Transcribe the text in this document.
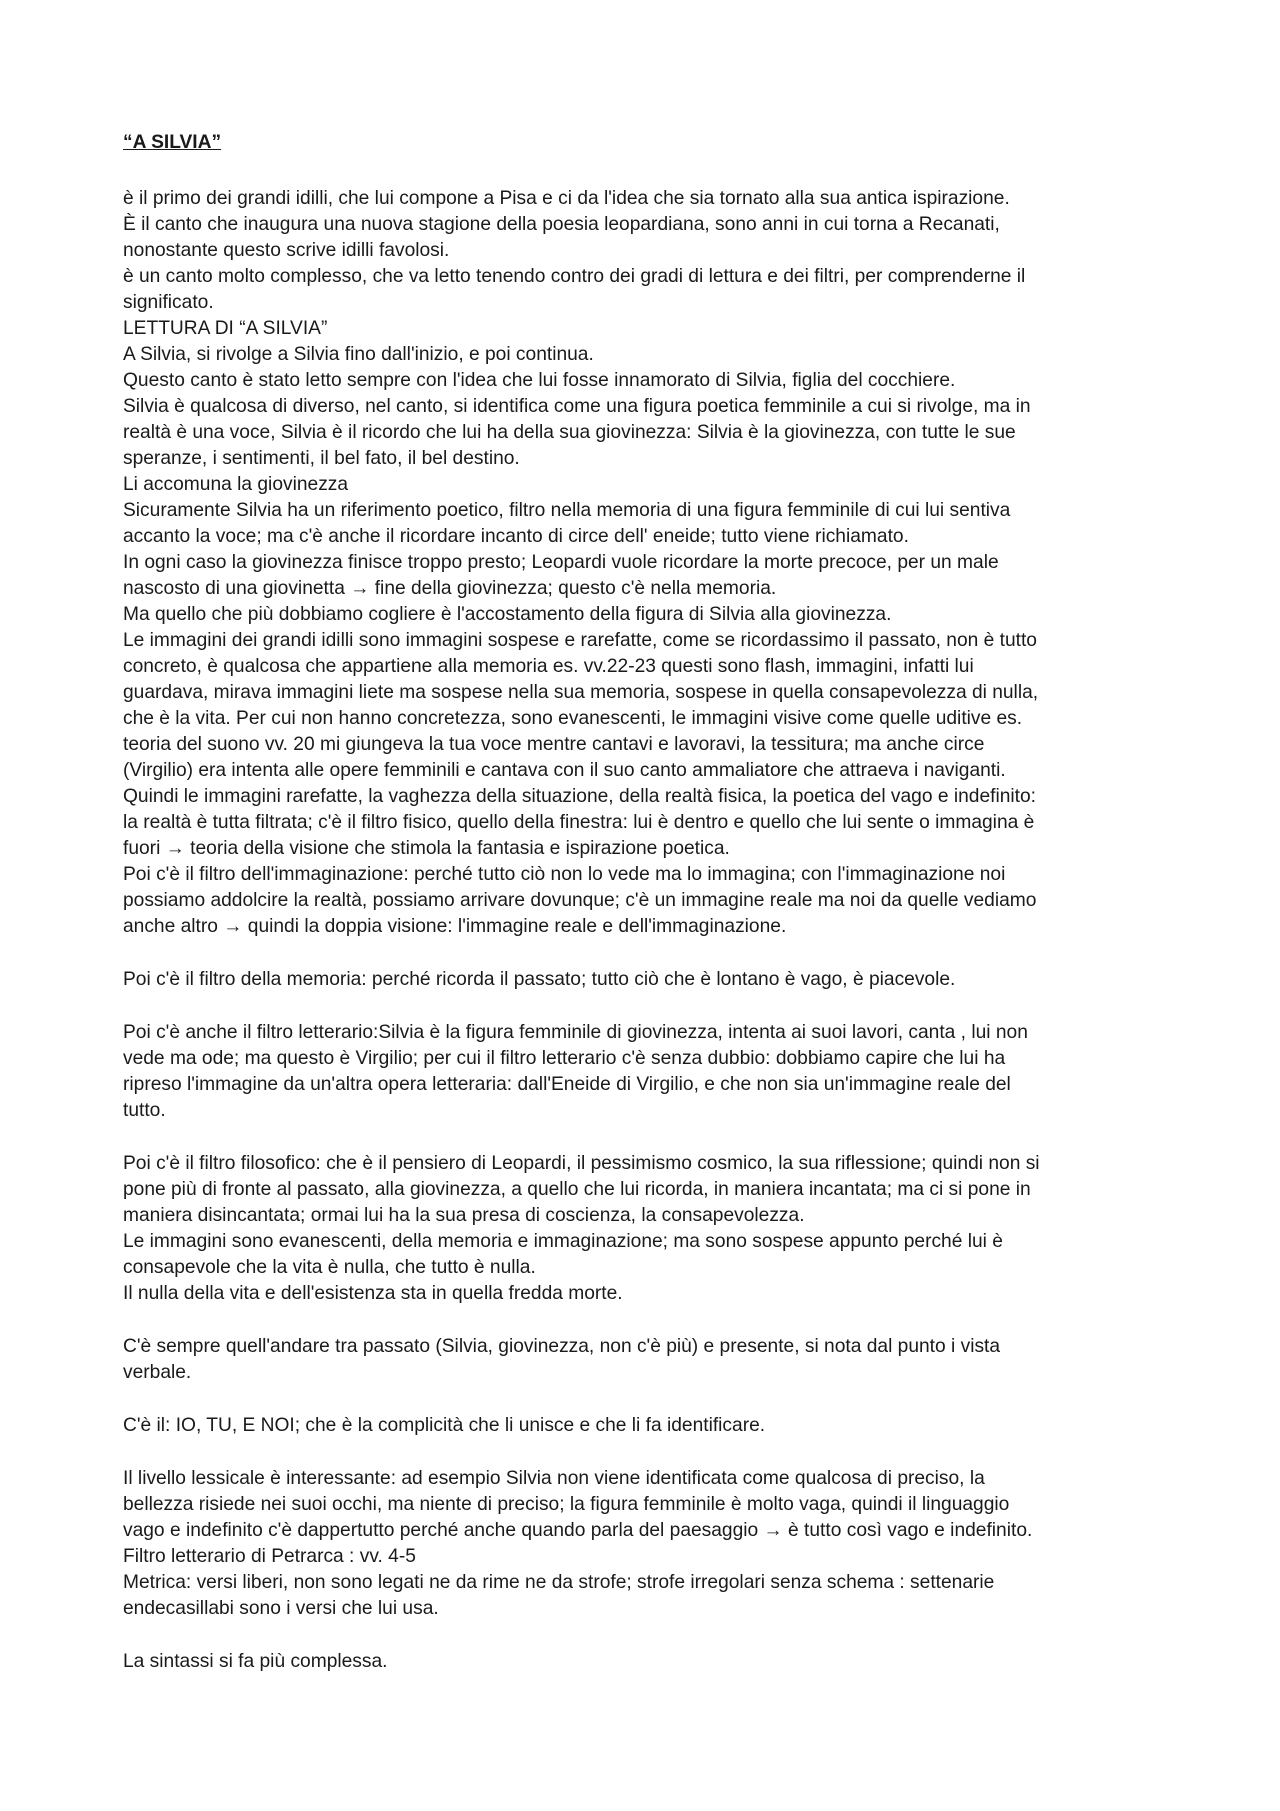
“A SILVIA”

è il primo dei grandi idilli, che lui compone a Pisa e ci da l'idea che sia tornato alla sua antica ispirazione.

È il canto che inaugura una nuova stagione della poesia leopardiana, sono anni in cui torna a Recanati,

nonostante questo scrive idilli favolosi.

è un canto molto complesso, che va letto tenendo contro dei gradi di lettura e dei filtri, per comprenderne il

significato.

LETTURA DI “A SILVIA”

A Silvia, si rivolge a Silvia fino dall'inizio, e poi continua.

Questo canto è stato letto sempre con l'idea che lui fosse innamorato di Silvia, figlia del cocchiere.

Silvia è qualcosa di diverso, nel canto, si identifica come una figura poetica femminile a cui si rivolge, ma in

realtà è una voce, Silvia è il ricordo che lui ha della sua giovinezza: Silvia è la giovinezza, con tutte le sue

speranze, i sentimenti, il bel fato, il bel destino.

Li accomuna la giovinezza

Sicuramente Silvia ha un riferimento poetico, filtro nella memoria di una figura femminile di cui lui sentiva

accanto la voce; ma c'è anche il ricordare incanto di circe dell' eneide; tutto viene richiamato.

In ogni caso la giovinezza finisce troppo presto; Leopardi vuole ricordare la morte precoce, per un male

nascosto di una giovinetta → fine della giovinezza; questo c'è nella memoria.

Ma quello che più dobbiamo cogliere è l'accostamento della figura di Silvia alla giovinezza.

Le immagini dei grandi idilli sono immagini sospese e rarefatte, come se ricordassimo il passato, non è tutto

concreto, è qualcosa che appartiene alla memoria es. vv.22-23 questi sono flash, immagini, infatti lui

guardava, mirava immagini liete ma sospese nella sua memoria, sospese in quella consapevolezza di nulla,

che è la vita. Per cui non hanno concretezza, sono evanescenti, le immagini visive come quelle uditive es.

teoria del suono vv. 20 mi giungeva la tua voce mentre cantavi e lavoravi, la tessitura; ma anche circe

(Virgilio) era intenta alle opere femminili e cantava con il suo canto ammaliatore che attraeva i naviganti.

Quindi le immagini rarefatte, la vaghezza della situazione, della realtà fisica, la poetica del vago e indefinito:

la realtà è tutta filtrata; c'è il filtro fisico, quello della finestra: lui è dentro e quello che lui sente o immagina è

fuori → teoria della visione che stimola la fantasia e ispirazione poetica.

Poi c'è il filtro dell'immaginazione: perché tutto ciò non lo vede ma lo immagina; con l'immaginazione noi

possiamo addolcire la realtà, possiamo arrivare dovunque; c'è un immagine reale ma noi da quelle vediamo

anche altro → quindi la doppia visione: l'immagine reale e dell'immaginazione.

Poi c'è il filtro della memoria: perché ricorda il passato; tutto ciò che è lontano è vago, è piacevole.

Poi c'è anche il filtro letterario:Silvia è la figura femminile di giovinezza, intenta ai suoi lavori, canta , lui non

vede ma ode; ma questo è Virgilio; per cui il filtro letterario c'è senza dubbio: dobbiamo capire che lui ha

ripreso l'immagine da un'altra opera letteraria: dall'Eneide di Virgilio, e che non sia un'immagine reale del

tutto.

Poi c'è il filtro filosofico: che è il pensiero di Leopardi, il pessimismo cosmico, la sua riflessione; quindi non si

pone più di fronte al passato, alla giovinezza, a quello che lui ricorda, in maniera incantata; ma ci si pone in

maniera disincantata; ormai lui ha la sua presa di coscienza, la consapevolezza.

Le immagini sono evanescenti, della memoria e immaginazione; ma sono sospese appunto perché lui è

consapevole che la vita è nulla, che tutto è nulla.

Il nulla della vita e dell'esistenza sta in quella fredda morte.

C'è sempre quell'andare tra passato (Silvia, giovinezza, non c'è più) e presente, si nota dal punto i vista

verbale.

C'è il: IO, TU, E NOI; che è la complicità che li unisce e che li fa identificare.

Il livello lessicale è interessante: ad esempio Silvia non viene identificata come qualcosa di preciso, la

bellezza risiede nei suoi occhi, ma niente di preciso; la figura femminile è molto vaga, quindi il linguaggio

vago e indefinito c'è dappertutto perché anche quando parla del paesaggio → è tutto così vago e indefinito.

Filtro letterario di Petrarca : vv. 4-5

Metrica: versi liberi, non sono legati ne da rime ne da strofe; strofe irregolari senza schema : settenarie

endecasillabi sono i versi che lui usa.

La sintassi si fa più complessa.
